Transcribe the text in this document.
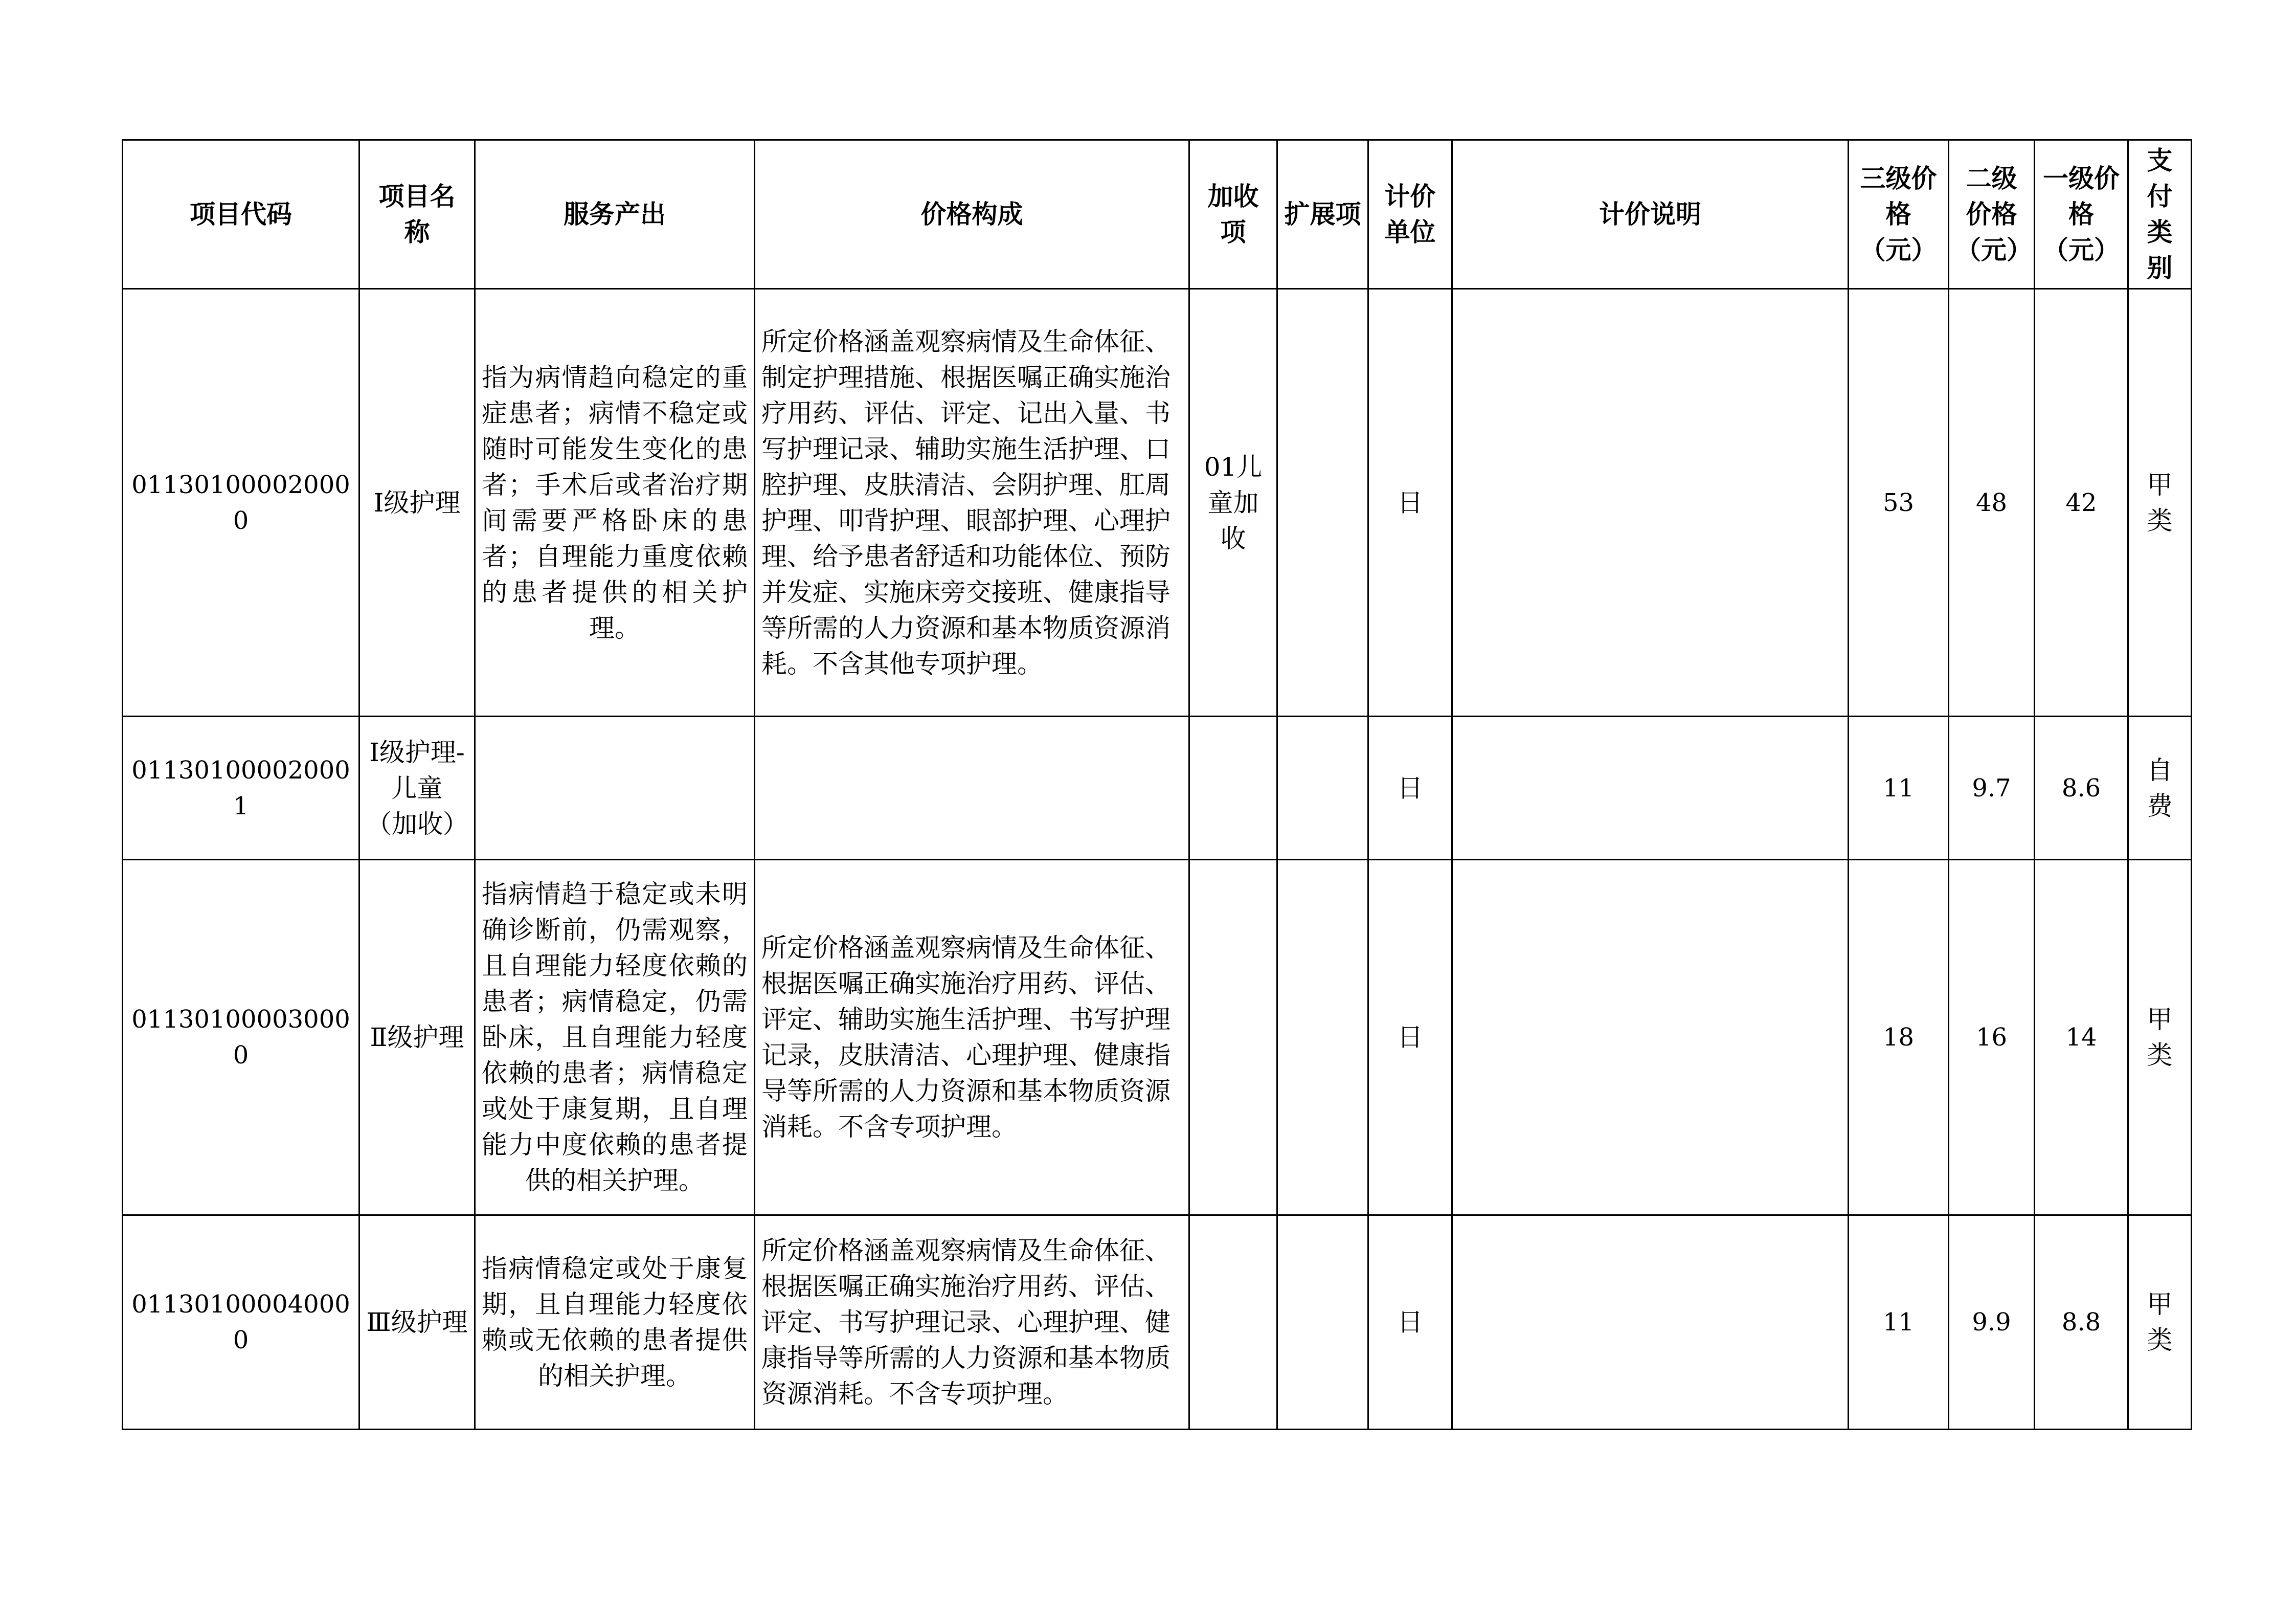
项目代码	项目名称	服务产出	价格构成	加收项	扩展项	计价单位	计价说明	三级价格（元）	二级价格（元）	一级价格（元）	支付类别
011301000020000	Ⅰ级护理	指为病情趋向稳定的重症患者；病情不稳定或随时可能发生变化的患者；手术后或者治疗期间需要严格卧床的患者；自理能力重度依赖的患者提供的相关护理。	所定价格涵盖观察病情及生命体征、制定护理措施、根据医嘱正确实施治疗用药、评估、评定、记出入量、书写护理记录、辅助实施生活护理、口腔护理、皮肤清洁、会阴护理、肛周护理、叩背护理、眼部护理、心理护理、给予患者舒适和功能体位、预防并发症、实施床旁交接班、健康指导等所需的人力资源和基本物质资源消耗。不含其他专项护理。	01儿童加收		日		53	48	42	甲类
011301000020001	Ⅰ级护理-儿童（加收）					日		11	9.7	8.6	自费
011301000030000	Ⅱ级护理	指病情趋于稳定或未明确诊断前，仍需观察，且自理能力轻度依赖的患者；病情稳定，仍需卧床，且自理能力轻度依赖的患者；病情稳定或处于康复期，且自理能力中度依赖的患者提供的相关护理。	所定价格涵盖观察病情及生命体征、根据医嘱正确实施治疗用药、评估、评定、辅助实施生活护理、书写护理记录，皮肤清洁、心理护理、健康指导等所需的人力资源和基本物质资源消耗。不含专项护理。			日		18	16	14	甲类
011301000040000	Ⅲ级护理	指病情稳定或处于康复期，且自理能力轻度依赖或无依赖的患者提供的相关护理。	所定价格涵盖观察病情及生命体征、根据医嘱正确实施治疗用药、评估、评定、书写护理记录、心理护理、健康指导等所需的人力资源和基本物质资源消耗。不含专项护理。			日		11	9.9	8.8	甲类
